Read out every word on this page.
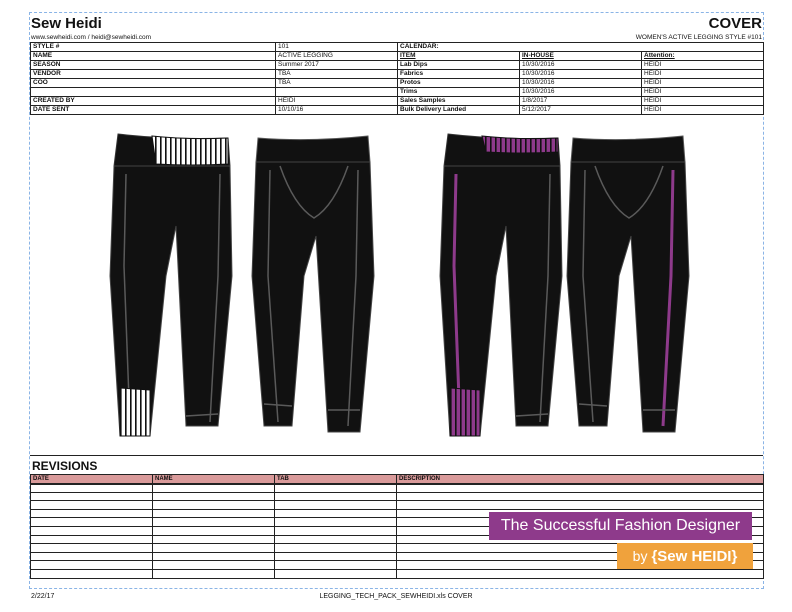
Sew Heidi	COVER
www.sewheidi.com / heidi@sewheidi.com	WOMEN'S ACTIVE LEGGING STYLE #101
STYLE #	101	CALENDAR:		
NAME	ACTIVE LEGGING	ITEM	IN-HOUSE	Attention:
SEASON	Summer 2017	Lab Dips	10/30/2016	HEIDI
VENDOR	TBA	Fabrics	10/30/2016	HEIDI
COO	TBA	Protos	10/30/2016	HEIDI
		Trims	10/30/2016	HEIDI
CREATED BY	HEIDI	Sales Samples	1/8/2017	HEIDI
DATE SENT	10/10/16	Bulk Delivery Landed	5/12/2017	HEIDI
REVISIONS
DATE	NAME	TAB	DESCRIPTION

The Successful Fashion Designer
by {Sew HEIDI}
2/22/17	LEGGING_TECH_PACK_SEWHEIDI.xls COVER
